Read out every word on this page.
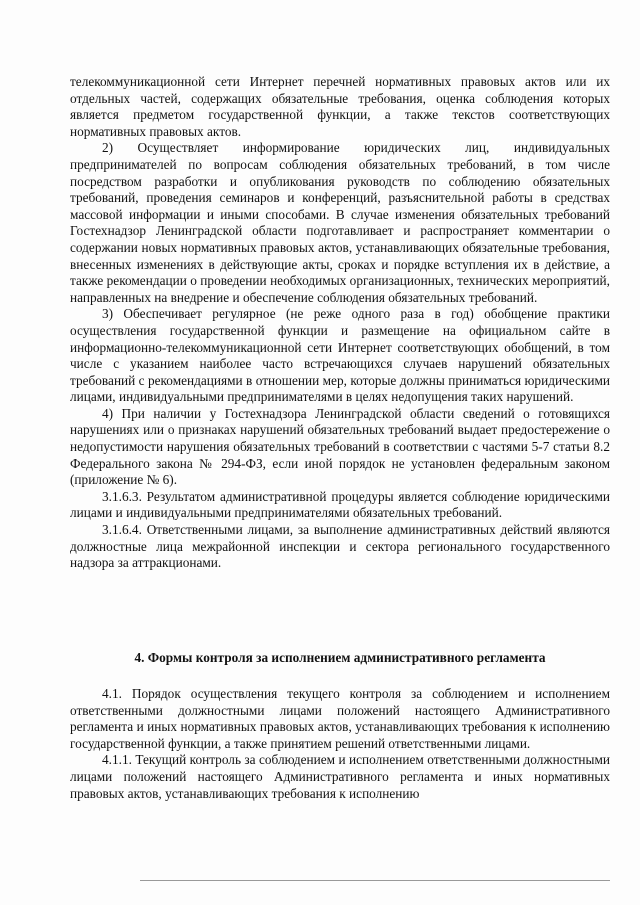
телекоммуникационной сети Интернет перечней нормативных правовых актов или их отдельных частей, содержащих обязательные требования, оценка соблюдения которых является предметом государственной функции, а также текстов соответствующих нормативных правовых актов.

2) Осуществляет информирование юридических лиц, индивидуальных предпринимателей по вопросам соблюдения обязательных требований, в том числе посредством разработки и опубликования руководств по соблюдению обязательных требований, проведения семинаров и конференций, разъяснительной работы в средствах массовой информации и иными способами. В случае изменения обязательных требований Гостехнадзор Ленинградской области подготавливает и распространяет комментарии о содержании новых нормативных правовых актов, устанавливающих обязательные требования, внесенных изменениях в действующие акты, сроках и порядке вступления их в действие, а также рекомендации о проведении необходимых организационных, технических мероприятий, направленных на внедрение и обеспечение соблюдения обязательных требований.

3) Обеспечивает регулярное (не реже одного раза в год) обобщение практики осуществления государственной функции и размещение на официальном сайте в информационно-телекоммуникационной сети Интернет соответствующих обобщений, в том числе с указанием наиболее часто встречающихся случаев нарушений обязательных требований с рекомендациями в отношении мер, которые должны приниматься юридическими лицами, индивидуальными предпринимателями в целях недопущения таких нарушений.

4) При наличии у Гостехнадзора Ленинградской области сведений о готовящихся нарушениях или о признаках нарушений обязательных требований выдает предостережение о недопустимости нарушения обязательных требований в соответствии с частями 5-7 статьи 8.2 Федерального закона № 294-ФЗ, если иной порядок не установлен федеральным законом (приложение № 6).

3.1.6.3. Результатом административной процедуры является соблюдение юридическими лицами и индивидуальными предпринимателями обязательных требований.

3.1.6.4. Ответственными лицами, за выполнение административных действий являются должностные лица межрайонной инспекции и сектора регионального государственного надзора за аттракционами.

4. Формы контроля за исполнением административного регламента

4.1. Порядок осуществления текущего контроля за соблюдением и исполнением ответственными должностными лицами положений настоящего Административного регламента и иных нормативных правовых актов, устанавливающих требования к исполнению государственной функции, а также принятием решений ответственными лицами.

4.1.1. Текущий контроль за соблюдением и исполнением ответственными должностными лицами положений настоящего Административного регламента и иных нормативных правовых актов, устанавливающих требования к исполнению
